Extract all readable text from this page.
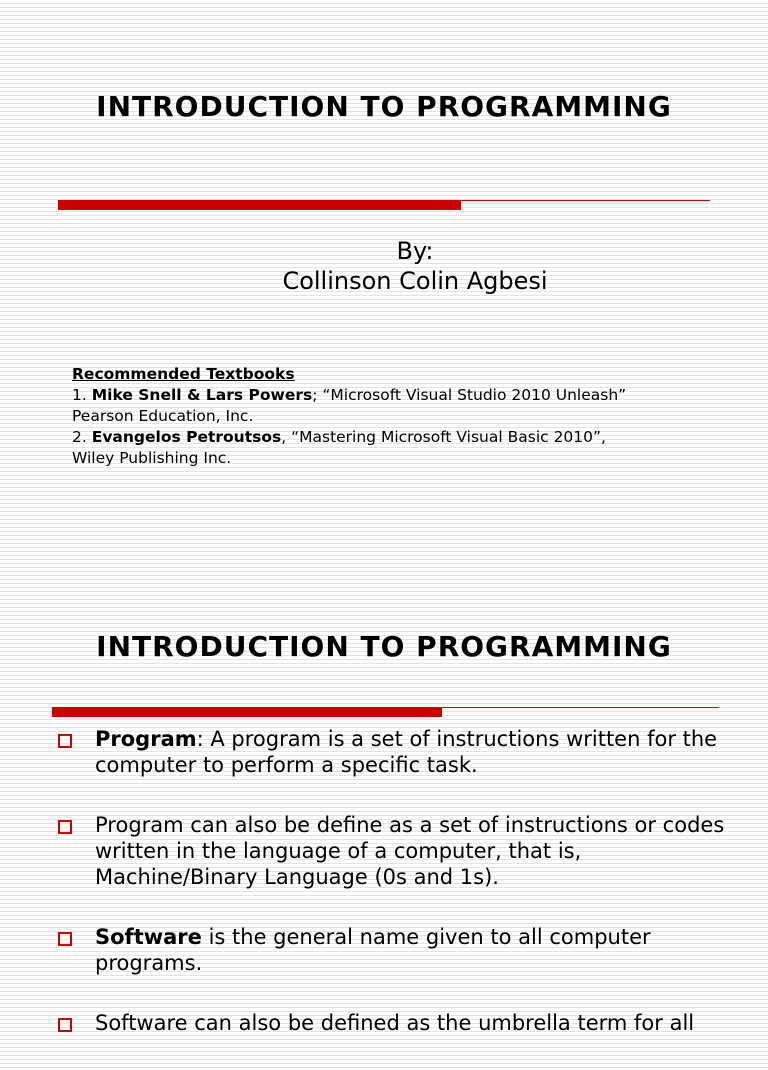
INTRODUCTION TO PROGRAMMING
By:
Collinson Colin Agbesi
Recommended Textbooks
1. Mike Snell & Lars Powers; “Microsoft Visual Studio 2010 Unleash”
Pearson Education, Inc.
2. Evangelos Petroutsos, “Mastering Microsoft Visual Basic 2010”,
Wiley Publishing Inc.
INTRODUCTION TO PROGRAMMING
Program: A program is a set of instructions written for the computer to perform a specific task.
Program can also be define as a set of instructions or codes written in the language of a computer, that is, Machine/Binary Language (0s and 1s).
Software is the general name given to all computer programs.
Software can also be defined as the umbrella term for all
